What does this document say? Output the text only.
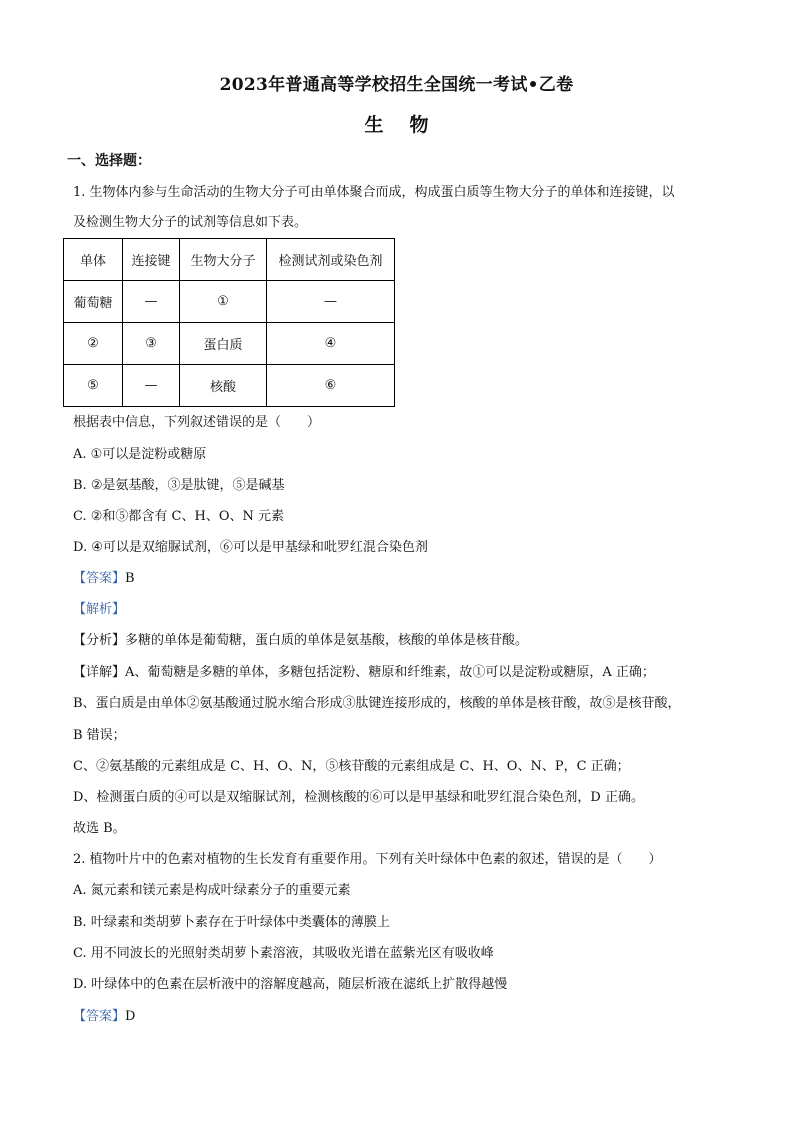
2023年普通高等学校招生全国统一考试•乙卷
生物
一、选择题：
1. 生物体内参与生命活动的生物大分子可由单体聚合而成，构成蛋白质等生物大分子的单体和连接键，以
及检测生物大分子的试剂等信息如下表。
单体	连接键	生物大分子	检测试剂或染色剂
葡萄糖	—	①	—
②	③	蛋白质	④
⑤	—	核酸	⑥
根据表中信息，下列叙述错误的是（　　）
A. ①可以是淀粉或糖原
B. ②是氨基酸，③是肽键，⑤是碱基
C. ②和⑤都含有 C、H、O、N 元素
D. ④可以是双缩脲试剂，⑥可以是甲基绿和吡罗红混合染色剂
【答案】B
【解析】
【分析】多糖的单体是葡萄糖，蛋白质的单体是氨基酸，核酸的单体是核苷酸。
【详解】A、葡萄糖是多糖的单体，多糖包括淀粉、糖原和纤维素，故①可以是淀粉或糖原，A 正确；
B、蛋白质是由单体②氨基酸通过脱水缩合形成③肽键连接形成的，核酸的单体是核苷酸，故⑤是核苷酸，
B 错误；
C、②氨基酸的元素组成是 C、H、O、N，⑤核苷酸的元素组成是 C、H、O、N、P，C 正确；
D、检测蛋白质的④可以是双缩脲试剂，检测核酸的⑥可以是甲基绿和吡罗红混合染色剂，D 正确。
故选 B。
2. 植物叶片中的色素对植物的生长发育有重要作用。下列有关叶绿体中色素的叙述，错误的是（　　）
A. 氮元素和镁元素是构成叶绿素分子的重要元素
B. 叶绿素和类胡萝卜素存在于叶绿体中类囊体的薄膜上
C. 用不同波长的光照射类胡萝卜素溶液，其吸收光谱在蓝紫光区有吸收峰
D. 叶绿体中的色素在层析液中的溶解度越高，随层析液在滤纸上扩散得越慢
【答案】D
